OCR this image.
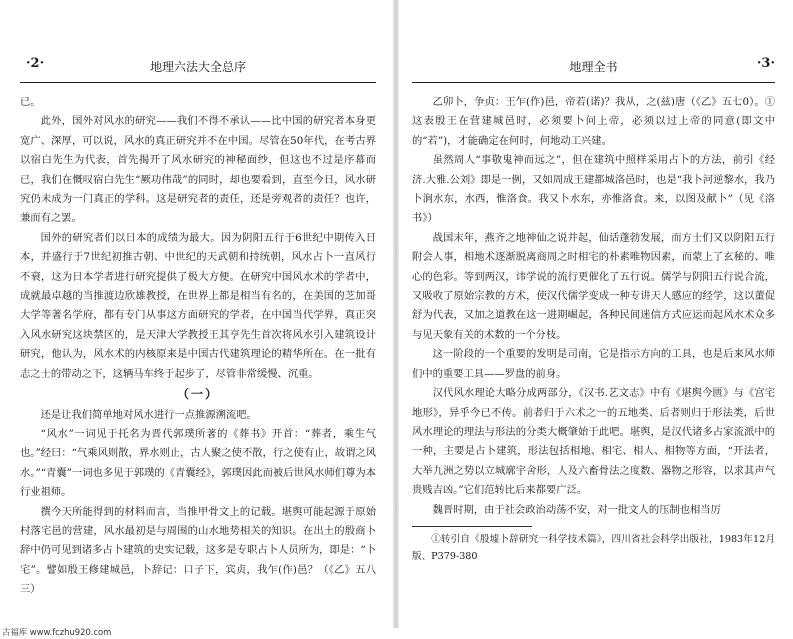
·2·	地理六法大全总序

已。

此外，国外对风水的研究——我们不得不承认——比中国的研究者本身更宽广、深厚，可以说，风水的真正研究并不在中国。尽管在50年代，在考古界以宿白先生为代表，首先揭开了风水研究的神秘面纱，但这也不过是序幕而已，我们在慨叹宿白先生“厥功伟哉”的同时，却也要看到，直至今日，风水研究仍未成为一门真正的学科。这是研究者的责任，还是旁观者的责任？也许，兼而有之罢。

国外的研究者们以日本的成绩为最大。因为阴阳五行于6世纪中期传入日本，并盛行于7世纪初推古朝、中世纪的天武朝和持统朝，风水占卜一直风行不衰，这为日本学者进行研究提供了极大方便。在研究中国风水术的学者中，成就最卓越的当推渡边欣雄教授，在世界上都是相当有名的，在美国的芝加哥大学等著名学府，都有专门从事这方面研究的学者，在中国当代学界，真正突入风水研究这块禁区的，是天津大学教授王其亨先生首次将风水引入建筑设计研究，他认为，风水术的内核原来是中国古代建筑理论的精华所在。在一批有志之士的带动之下，这辆马车终于起步了，尽管非常缓慢、沉重。

（一）

还是让我们简单地对风水进行一点推源溯流吧。

“风水”一词见于托名为晋代郭璞所著的《葬书》开首：“葬者，乘生气也。”经曰：“气乘风则散，界水则止，古人聚之使不散，行之使有止，故谓之风水。”“青囊”一词也多见于郭璞的《青囊经》，郭璞因此而被后世风水师们尊为本行业祖师。

撰今天所能得到的材料而言，当推甲骨文上的记载。堪舆可能起源于原始村落宅邑的营建，风水最初是与周围的山水地势相关的知识。在出土的殷商卜辞中仍可见到诸多占卜建筑的史实记载，这多是专职占卜人员所为，即是：“卜宅”。譬如殷王修建城邑，卜辞记：口子下，宾贞，我乍(作)邑？（《乙》五八三）

地理全书	·3·

乙卯卜，争贞：王乍(作)邑，帝若(诺)？我从，之(兹)唐（《乙》五七0）。①这表殷王在营建城邑时，必须要卜问上帝，必须以过上帝的同意(即文中的“若”)，才能确定在何时，何地动工兴建。

虽然周人“事敬鬼神而远之”，但在建筑中照样采用占卜的方法，前引《经济.大雅.公刘》即是一例，又如周成王建都城洛邑时，也是“我卜河逆黎水，我乃卜涧水东，水西，惟洛食。我又卜水东，亦惟洛食。来，以图及献卜”（见《洛书》）

战国末年，燕齐之地神仙之说并起，仙话蓬勃发展，而方士们又以阴阳五行附会人事，相地术逐渐脱离商周之时相宅的朴素唯物因素，而蒙上了玄秘的、唯心的色彩。等到两汉，讳学说的流行更催化了五行说。儒学与阴阳五行说合流，又吸收了原始宗教的方术，使汉代儒学变成一种专讲天人感应的经学，这以董促舒为代表，又加之道教在这一进期崛起，各种民间迷信方式应运而起风水术众多与见天象有关的术数的一个分枝。

这一阶段的一个重要的发明是司南，它是指示方向的工具，也是后来风水师们中的重要工具——罗盘的前身。

汉代风水理论大略分成两部分，《汉书.艺文志》中有《堪舆今匮》与《宫宅地形》，异乎今已不传。前者归于六术之一的五地类、后者则归于形法类，后世风水理论的理法与形法的分类大概肇始于此吧。堪舆，是汉代诸多占家流派中的一种，主要是占卜建筑，形法包括相地、相宅、相人、相物等方面，“开法者，大举九洲之势以立城廓宇舍形，人及六畜骨法之度数、器物之形容，以求其声气贵贱吉凶。”它们范转比后来都要广泛。

魏晋时期，由于社会政治动荡不安，对一批文人的压制也相当厉

①转引自《殷墟卜辞研究一科学技术篇》，四川省社会科学出版社，1983年12月版、P379-380

古福库 www.fczhu920.com
